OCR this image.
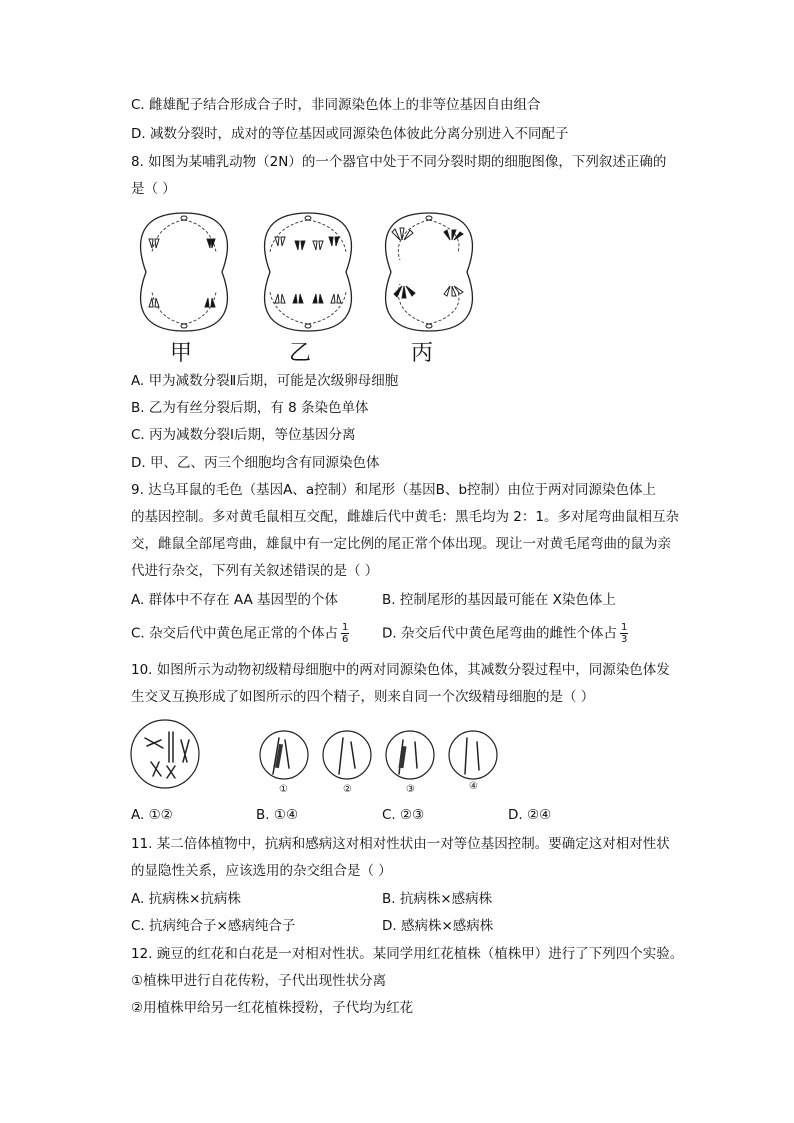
C. 雌雄配子结合形成合子时，非同源染色体上的非等位基因自由组合
D. 减数分裂时，成对的等位基因或同源染色体彼此分离分别进入不同配子
8. 如图为某哺乳动物（2N）的一个器官中处于不同分裂时期的细胞图像，下列叙述正确的
是（ ）
甲	乙	丙
A. 甲为减数分裂Ⅱ后期，可能是次级卵母细胞
B. 乙为有丝分裂后期，有 8 条染色单体
C. 丙为减数分裂Ⅰ后期，等位基因分离
D. 甲、乙、丙三个细胞均含有同源染色体
9. 达乌耳鼠的毛色（基因A、a控制）和尾形（基因B、b控制）由位于两对同源染色体上
的基因控制。多对黄毛鼠相互交配，雌雄后代中黄毛：黑毛均为 2：1。多对尾弯曲鼠相互杂
交，雌鼠全部尾弯曲，雄鼠中有一定比例的尾正常个体出现。现让一对黄毛尾弯曲的鼠为亲
代进行杂交，下列有关叙述错误的是（ ）
A. 群体中不存在 AA 基因型的个体	B. 控制尾形的基因最可能在 X染色体上
C. 杂交后代中黄色尾正常的个体占 $\frac{1}{6} D$. 杂交后代中黄色尾弯曲的雌性个体占 $\frac{1}{3}$
10. 如图所示为动物初级精母细胞中的两对同源染色体，其减数分裂过程中，同源染色体发
生交叉互换形成了如图所示的四个精子，则来自同一个次级精母细胞的是（ ）
①	②	③	④
A. ①②	B. ①④	C. ②③	D. ②④
11. 某二倍体植物中，抗病和感病这对相对性状由一对等位基因控制。要确定这对相对性状
的显隐性关系，应该选用的杂交组合是（ ）
A. 抗病株×抗病株	B. 抗病株×感病株
C. 抗病纯合子×感病纯合子	D. 感病株×感病株
12. 豌豆的红花和白花是一对相对性状。某同学用红花植株（植株甲）进行了下列四个实验。
①植株甲进行自花传粉，子代出现性状分离
②用植株甲给另一红花植株授粉，子代均为红花
